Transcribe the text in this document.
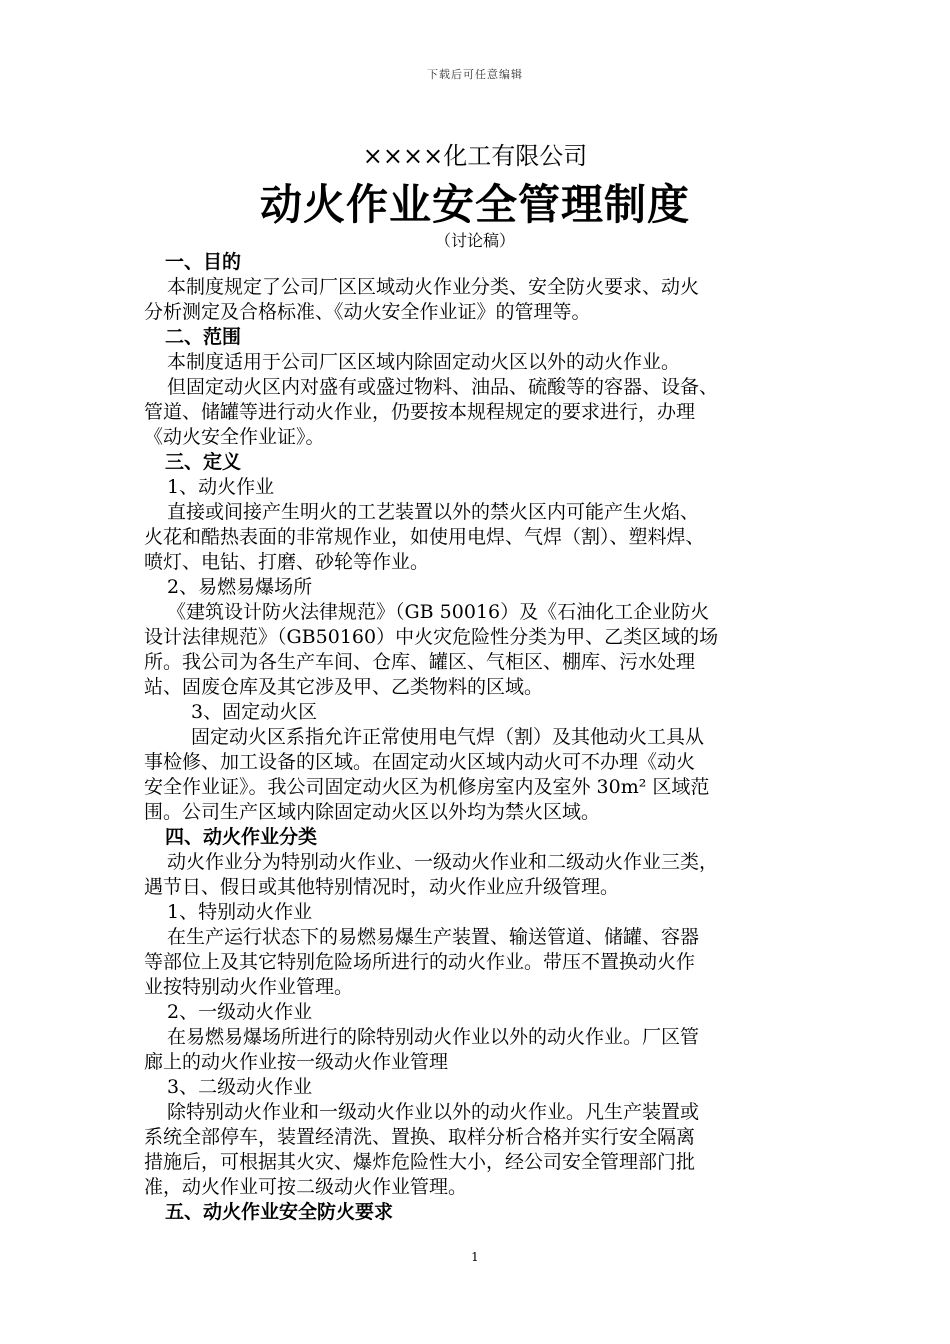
下载后可任意编辑
××××化工有限公司
动火作业安全管理制度
（讨论稿）
一、目的
本制度规定了公司厂区区域动火作业分类、安全防火要求、动火
分析测定及合格标准、《动火安全作业证》的管理等。
二、范围
本制度适用于公司厂区区域内除固定动火区以外的动火作业。
但固定动火区内对盛有或盛过物料、油品、硫酸等的容器、设备、
管道、储罐等进行动火作业，仍要按本规程规定的要求进行，办理
《动火安全作业证》。
三、定义
1、动火作业
直接或间接产生明火的工艺装置以外的禁火区内可能产生火焰、
火花和酷热表面的非常规作业，如使用电焊、气焊（割）、塑料焊、
喷灯、电钻、打磨、砂轮等作业。
2、易燃易爆场所
《建筑设计防火法律规范》（GB 50016）及《石油化工企业防火
设计法律规范》（GB50160）中火灾危险性分类为甲、乙类区域的场
所。我公司为各生产车间、仓库、罐区、气柜区、棚库、污水处理
站、固废仓库及其它涉及甲、乙类物料的区域。
3、固定动火区
固定动火区系指允许正常使用电气焊（割）及其他动火工具从
事检修、加工设备的区域。在固定动火区域内动火可不办理《动火
安全作业证》。我公司固定动火区为机修房室内及室外 30m² 区域范
围。公司生产区域内除固定动火区以外均为禁火区域。
四、动火作业分类
动火作业分为特别动火作业、一级动火作业和二级动火作业三类，
遇节日、假日或其他特别情况时，动火作业应升级管理。
1、特别动火作业
在生产运行状态下的易燃易爆生产装置、输送管道、储罐、容器
等部位上及其它特别危险场所进行的动火作业。带压不置换动火作
业按特别动火作业管理。
2、一级动火作业
在易燃易爆场所进行的除特别动火作业以外的动火作业。厂区管
廊上的动火作业按一级动火作业管理
3、二级动火作业
除特别动火作业和一级动火作业以外的动火作业。凡生产装置或
系统全部停车，装置经清洗、置换、取样分析合格并实行安全隔离
措施后，可根据其火灾、爆炸危险性大小，经公司安全管理部门批
准，动火作业可按二级动火作业管理。
五、动火作业安全防火要求
1
